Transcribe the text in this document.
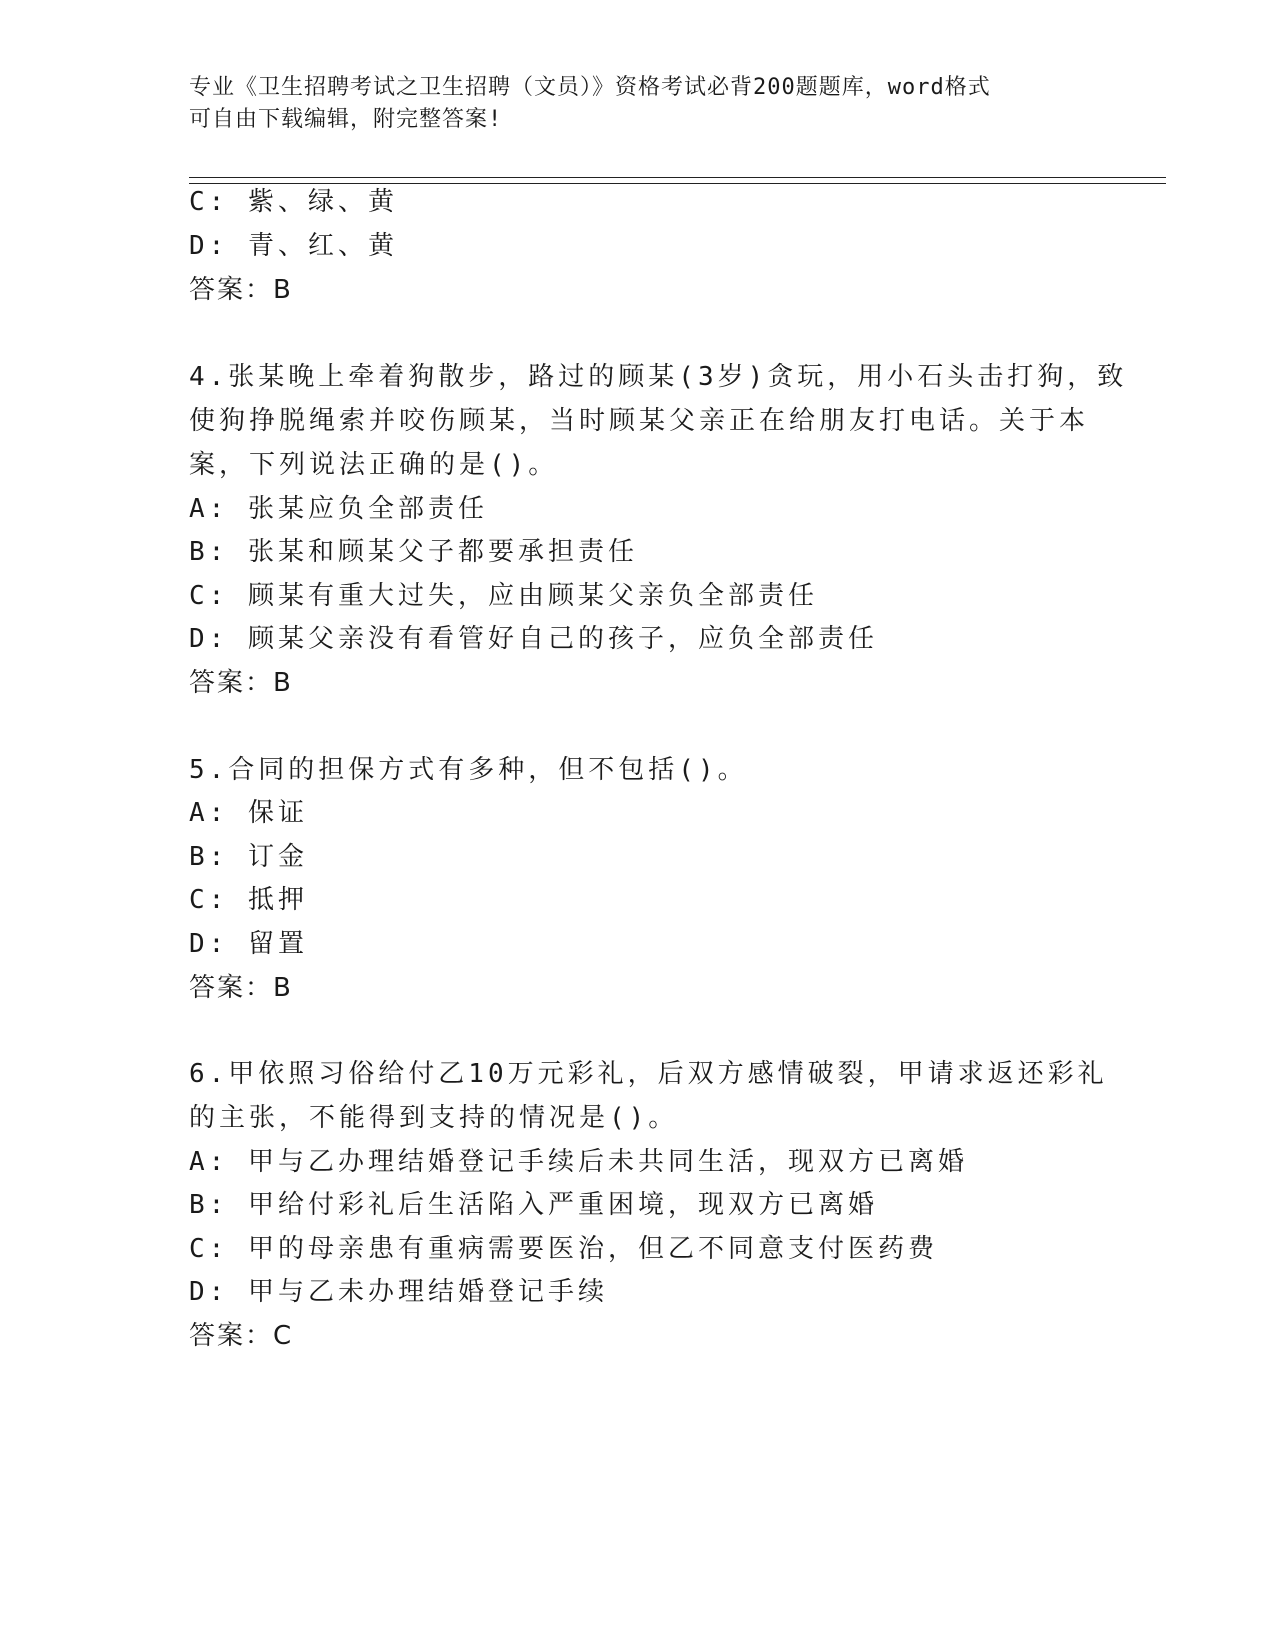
专业《卫生招聘考试之卫生招聘（文员）》资格考试必背200题题库，word格式
可自由下载编辑，附完整答案!
C: 紫、绿、黄
D: 青、红、黄
答案：B
4.张某晚上牵着狗散步，路过的顾某(3岁)贪玩，用小石头击打狗，致
使狗挣脱绳索并咬伤顾某，当时顾某父亲正在给朋友打电话。关于本
案，下列说法正确的是()。
A: 张某应负全部责任
B: 张某和顾某父子都要承担责任
C: 顾某有重大过失，应由顾某父亲负全部责任
D: 顾某父亲没有看管好自己的孩子，应负全部责任
答案：B
5.合同的担保方式有多种，但不包括()。
A: 保证
B: 订金
C: 抵押
D: 留置
答案：B
6.甲依照习俗给付乙10万元彩礼，后双方感情破裂，甲请求返还彩礼
的主张，不能得到支持的情况是()。
A: 甲与乙办理结婚登记手续后未共同生活，现双方已离婚
B: 甲给付彩礼后生活陷入严重困境，现双方已离婚
C: 甲的母亲患有重病需要医治，但乙不同意支付医药费
D: 甲与乙未办理结婚登记手续
答案：C
